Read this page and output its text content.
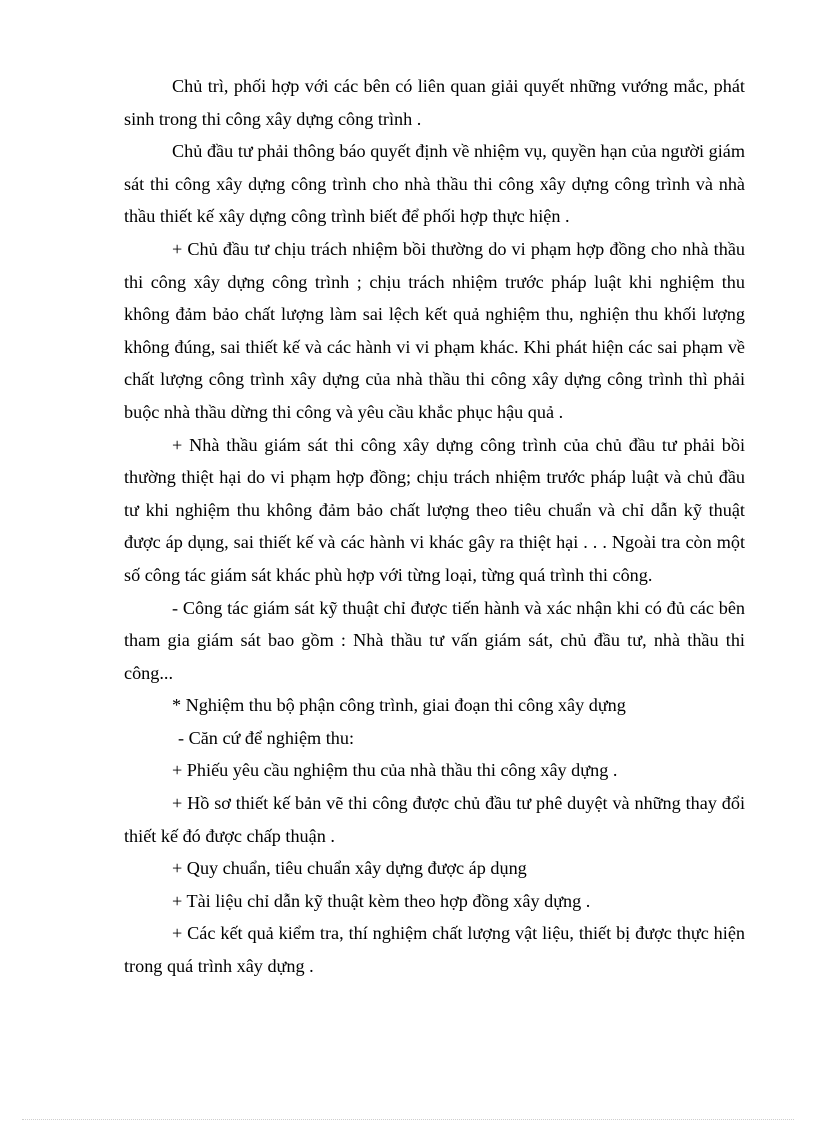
Chủ trì, phối hợp với các bên có liên quan giải quyết những vướng mắc, phát sinh trong thi công xây dựng công trình .

Chủ đầu tư phải thông báo quyết định về nhiệm vụ, quyền hạn của người giám sát thi công xây dựng công trình cho nhà thầu thi công xây dựng công trình và nhà thầu thiết kế xây dựng công trình biết để phối hợp thực hiện .

+ Chủ đầu tư chịu trách nhiệm bồi thường do vi phạm hợp đồng cho nhà thầu thi công xây dựng công trình ; chịu trách nhiệm trước pháp luật khi nghiệm thu không đảm bảo chất lượng làm sai lệch kết quả nghiệm thu, nghiện thu khối lượng không đúng, sai thiết kế và các hành vi vi phạm khác. Khi phát hiện các sai phạm về chất lượng công trình xây dựng của nhà thầu thi công xây dựng công trình thì phải buộc nhà thầu dừng thi công và yêu cầu khắc phục hậu quả .

+ Nhà thầu giám sát thi công xây dựng công trình của chủ đầu tư phải bồi thường thiệt hại do vi phạm hợp đồng; chịu trách nhiệm trước pháp luật và chủ đầu tư khi nghiệm thu không đảm bảo chất lượng theo tiêu chuẩn và chỉ dẫn kỹ thuật được áp dụng, sai thiết kế và các hành vi khác gây ra thiệt hại . . . Ngoài tra còn một số công tác giám sát khác phù hợp với từng loại, từng quá trình thi công.

- Công tác giám sát kỹ thuật chỉ được tiến hành và xác nhận khi có đủ các bên tham gia giám sát bao gồm : Nhà thầu tư vấn giám sát, chủ đầu tư, nhà thầu thi công...

* Nghiệm thu bộ phận công trình, giai đoạn thi công xây dựng

- Căn cứ để nghiệm thu:

+ Phiếu yêu cầu nghiệm thu của nhà thầu thi công xây dựng .

+ Hồ sơ thiết kế bản vẽ thi công được chủ đầu tư phê duyệt và những thay đổi thiết kế đó được chấp thuận .

+ Quy chuẩn, tiêu chuẩn xây dựng được áp dụng

+ Tài liệu chỉ dẫn kỹ thuật kèm theo hợp đồng xây dựng .

+ Các kết quả kiểm tra, thí nghiệm chất lượng vật liệu, thiết bị được thực hiện trong quá trình xây dựng .
